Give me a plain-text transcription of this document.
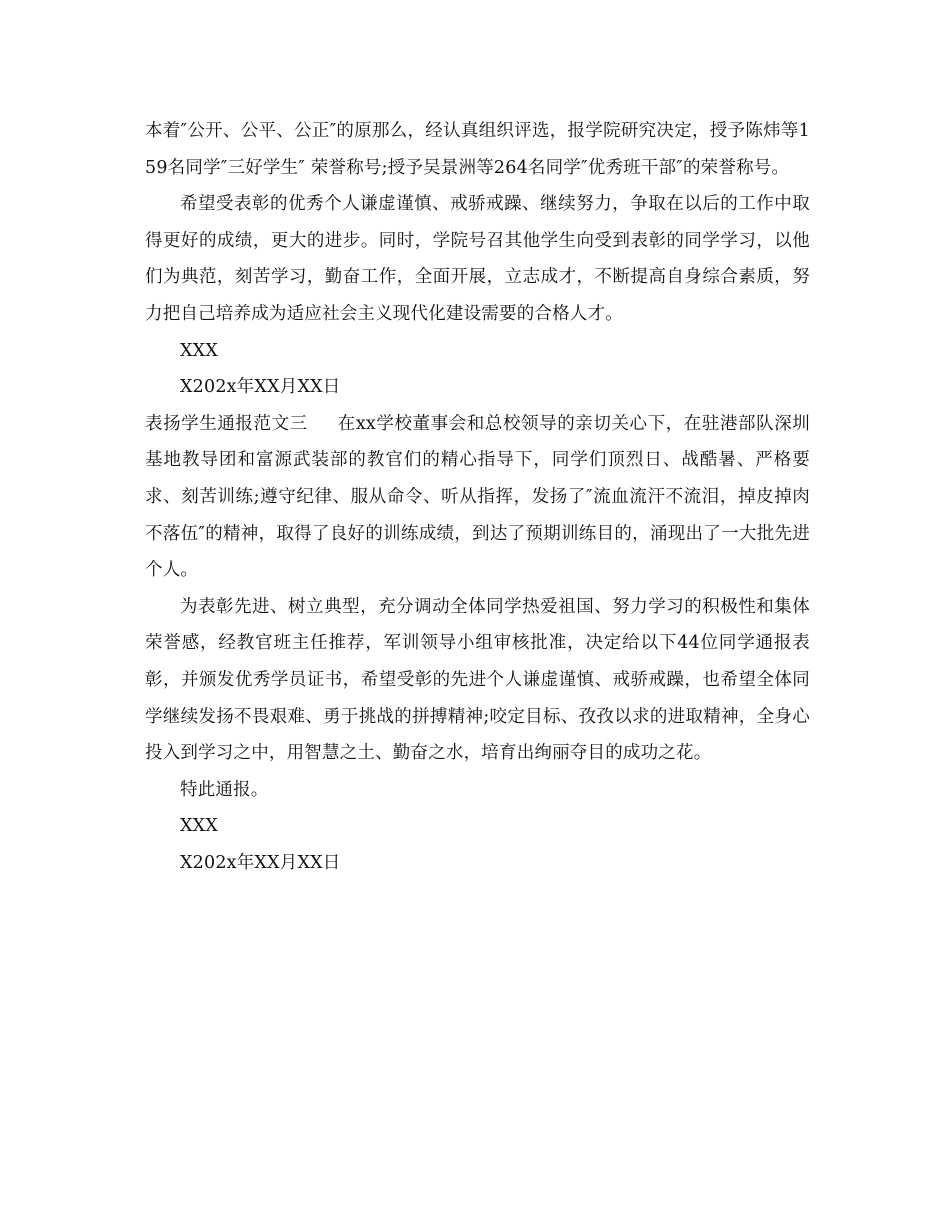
本着″公开、公平、公正″的原那么，经认真组织评选，报学院研究决定，授予陈炜等159名同学″三好学生″ 荣誉称号;授予吴景洲等264名同学″优秀班干部″的荣誉称号。

希望受表彰的优秀个人谦虚谨慎、戒骄戒躁、继续努力，争取在以后的工作中取得更好的成绩，更大的进步。同时，学院号召其他学生向受到表彰的同学学习，以他们为典范，刻苦学习，勤奋工作，全面开展，立志成才，不断提高自身综合素质，努力把自己培养成为适应社会主义现代化建设需要的合格人才。

XXX

X202x年XX月XX日

表扬学生通报范文三 在xx学校董事会和总校领导的亲切关心下，在驻港部队深圳基地教导团和富源武装部的教官们的精心指导下，同学们顶烈日、战酷暑、严格要求、刻苦训练;遵守纪律、服从命令、听从指挥，发扬了″流血流汗不流泪，掉皮掉肉不落伍″的精神，取得了良好的训练成绩，到达了预期训练目的，涌现出了一大批先进个人。

为表彰先进、树立典型，充分调动全体同学热爱祖国、努力学习的积极性和集体荣誉感，经教官班主任推荐，军训领导小组审核批准，决定给以下44位同学通报表彰，并颁发优秀学员证书，希望受彰的先进个人谦虚谨慎、戒骄戒躁，也希望全体同学继续发扬不畏艰难、勇于挑战的拼搏精神;咬定目标、孜孜以求的进取精神，全身心投入到学习之中，用智慧之土、勤奋之水，培育出绚丽夺目的成功之花。

特此通报。

XXX

X202x年XX月XX日
